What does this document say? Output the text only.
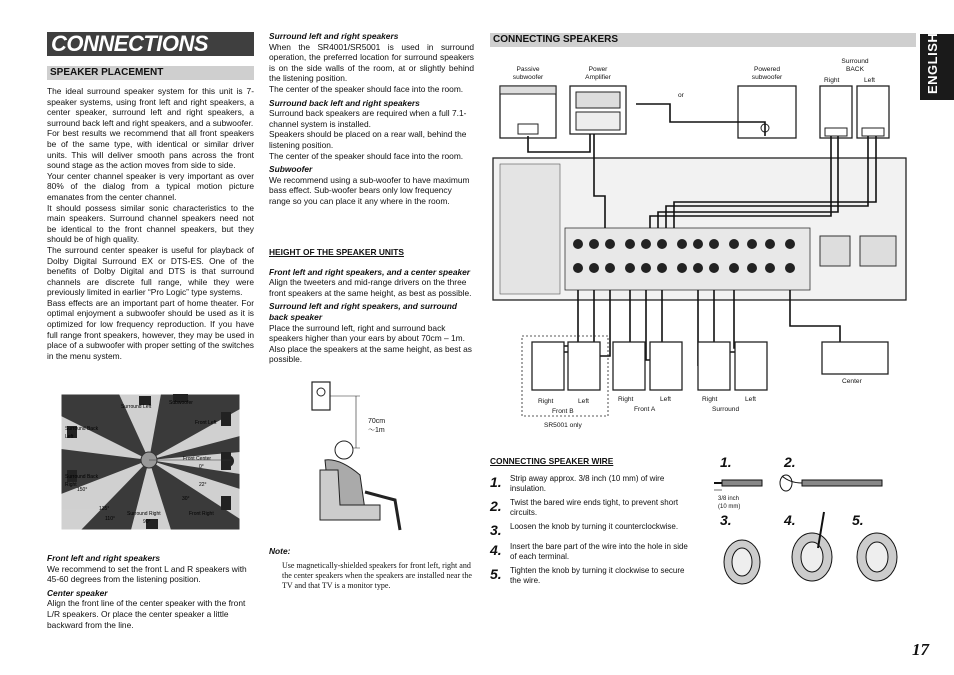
CONNECTIONS	ENGLISH
17
SPEAKER PLACEMENT

The ideal surround speaker system for this unit is 7-speaker systems, using front left and right speakers, a center speaker, surround left and right speakers, a surround back left and right speakers, and a subwoofer.

For best results we recommend that all front speakers be of the same type, with identical or similar driver units. This will deliver smooth pans across the front sound stage as the action moves from side to side.

Your center channel speaker is very important as over 80% of the dialog from a typical motion picture emanates from the center channel.

It should possess similar sonic characteristics to the main speakers. Surround channel speakers need not be identical to the front channel speakers, but they should be of high quality.

The surround center speaker is useful for playback of Dolby Digital Surround EX or DTS-ES. One of the benefits of Dolby Digital and DTS is that surround channels are discrete full range, while they were previously limited in earlier “Pro Logic” type systems.

Bass effects are an important part of home theater. For optimal enjoyment a subwoofer should be used as it is optimized for low frequency reproduction. If you have full range front speakers, however, they may be used in place of a subwoofer with proper setting of the switches in the menu system.

Surround Left
Subwoofer
Surround Back
Left
Front Left
Front Center
0°
Surround Back
Right
150°
22°
30°
135°
110°
Surround Right
90°
Front Right

Front left and right speakers

We recommend to set the front L and R speakers with 45-60 degrees from the listening position.

Center speaker

Align the front line of the center speaker with the front L/R speakers. Or place the center speaker a little backward from the line.

Surround left and right speakers

When the SR4001/SR5001 is used in surround operation, the preferred location for surround speakers is on the side walls of the room, at or slightly behind the listening position.

The center of the speaker should face into the room.

Surround back left and right speakers

Surround back speakers are required when a full 7.1-channel system is installed.

Speakers should be placed on a rear wall, behind the listening position.

The center of the speaker should face into the room.

Subwoofer

We recommend using a sub-woofer to have maximum bass effect. Sub-woofer bears only low frequency range so you can place it any where in the room.

HEIGHT OF THE SPEAKER UNITS

Front left and right speakers, and a center speaker

Align the tweeters and mid-range drivers on the three front speakers at the same height, as best as possible.

Surround left and right speakers, and surround back speaker

Place the surround left, right and surround back speakers higher than your ears by about 70cm – 1m. Also place the speakers at the same height, as best as possible.

70cm
～1m

Note:

Use magnetically-shielded speakers for front left, right and the center speakers when the speakers are installed near the TV and that TV is a monitor type.

CONNECTING SPEAKERS
Passive
subwoofer
Power
Amplifier
Powered
subwoofer
or
Surround
BACK
Right	Left
Right	Left
Front B
SR5001 only
Right	Left
Front A
Right	Left
Surround
Center
CONNECTING SPEAKER WIRE
1.	Strip away approx. 3/8 inch (10 mm) of wire insulation.
2.	Twist the bared wire ends tight, to prevent short circuits.
3.	Loosen the knob by turning it counterclockwise.
4.	Insert the bare part of the wire into the hole in side of each terminal.
5.	Tighten the knob by turning it clockwise to secure the wire.
1.	2.
3.	4.	5.
3/8 inch
(10 mm)
